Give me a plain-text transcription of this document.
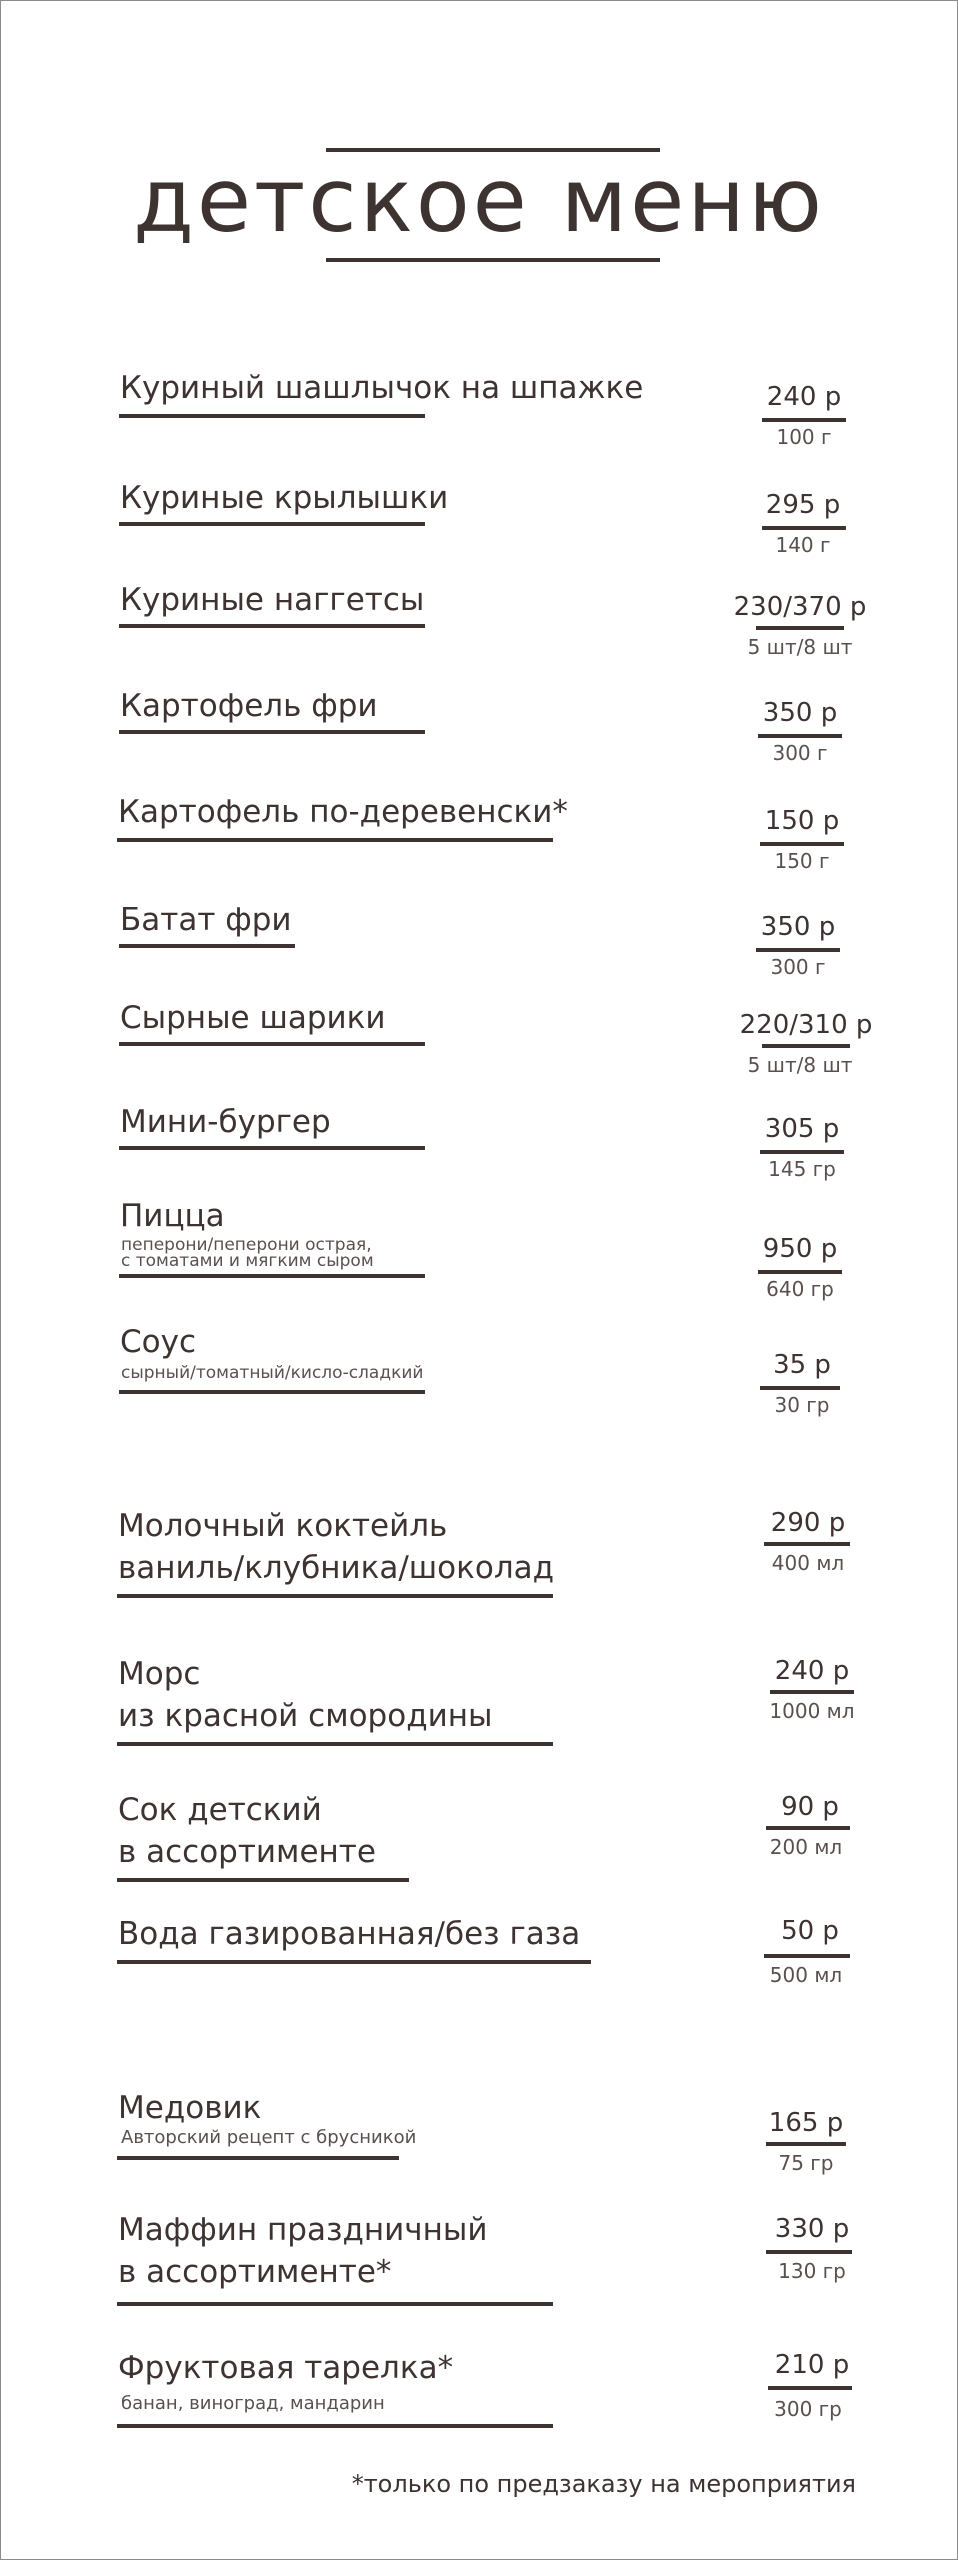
детское меню
Куриный шашлычок на шпажке	240 р
100 г
Куриные крылышки	295 р
140 г
Куриные наггетсы	230/370 р
5 шт/8 шт
Картофель фри	350 р
300 г
Картофель по-деревенски*	150 р
150 г
Батат фри	350 р
300 г
Сырные шарики	220/310 р
5 шт/8 шт
Мини-бургер	305 р
145 гр
Пицца
пеперони/пеперони острая,
с томатами и мягким сыром	950 р
640 гр
Соус
сырный/томатный/кисло-сладкий	35 р
30 гр
Молочный коктейль
ваниль/клубника/шоколад
290 р
400 мл
Морс
из красной смородины
240 р
1000 мл
Сок детский
в ассортименте
90 р
200 мл
Вода газированная/без газа	50 р
500 мл
Медовик
Авторский рецепт с брусникой	165 р
75 гр
Маффин праздничный
в ассортименте*
330 р
130 гр
Фруктовая тарелка*
банан, виноград, мандарин
210 р
300 гр
*только по предзаказу на мероприятия
